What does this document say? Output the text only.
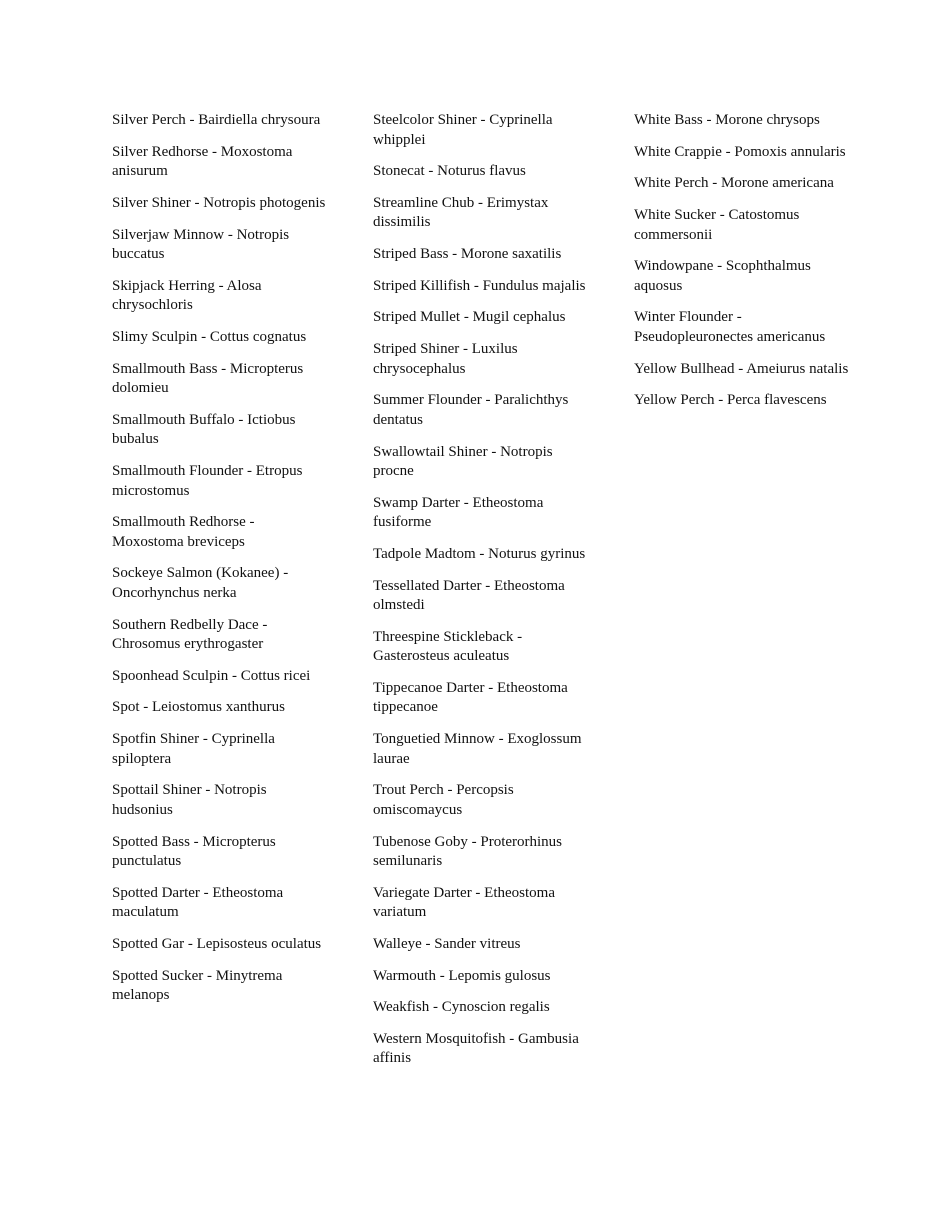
Silver Perch - Bairdiella chrysoura
Silver Redhorse - Moxostoma anisurum
Silver Shiner - Notropis photogenis
Silverjaw Minnow - Notropis buccatus
Skipjack Herring - Alosa chrysochloris
Slimy Sculpin - Cottus cognatus
Smallmouth Bass - Micropterus dolomieu
Smallmouth Buffalo - Ictiobus bubalus
Smallmouth Flounder - Etropus microstomus
Smallmouth Redhorse - Moxostoma breviceps
Sockeye Salmon (Kokanee) - Oncorhynchus nerka
Southern Redbelly Dace - Chrosomus erythrogaster
Spoonhead Sculpin - Cottus ricei
Spot - Leiostomus xanthurus
Spotfin Shiner - Cyprinella spiloptera
Spottail Shiner - Notropis hudsonius
Spotted Bass - Micropterus punctulatus
Spotted Darter - Etheostoma maculatum
Spotted Gar - Lepisosteus oculatus
Spotted Sucker - Minytrema melanops
Steelcolor Shiner - Cyprinella whipplei
Stonecat - Noturus flavus
Streamline Chub - Erimystax dissimilis
Striped Bass - Morone saxatilis
Striped Killifish - Fundulus majalis
Striped Mullet - Mugil cephalus
Striped Shiner - Luxilus chrysocephalus
Summer Flounder - Paralichthys dentatus
Swallowtail Shiner - Notropis procne
Swamp Darter - Etheostoma fusiforme
Tadpole Madtom - Noturus gyrinus
Tessellated Darter - Etheostoma olmstedi
Threespine Stickleback - Gasterosteus aculeatus
Tippecanoe Darter - Etheostoma tippecanoe
Tonguetied Minnow - Exoglossum laurae
Trout Perch - Percopsis omiscomaycus
Tubenose Goby - Proterorhinus semilunaris
Variegate Darter - Etheostoma variatum
Walleye - Sander vitreus
Warmouth - Lepomis gulosus
Weakfish - Cynoscion regalis
Western Mosquitofish - Gambusia affinis
White Bass - Morone chrysops
White Crappie - Pomoxis annularis
White Perch - Morone americana
White Sucker - Catostomus commersonii
Windowpane - Scophthalmus aquosus
Winter Flounder - Pseudopleuronectes americanus
Yellow Bullhead - Ameiurus natalis
Yellow Perch - Perca flavescens
